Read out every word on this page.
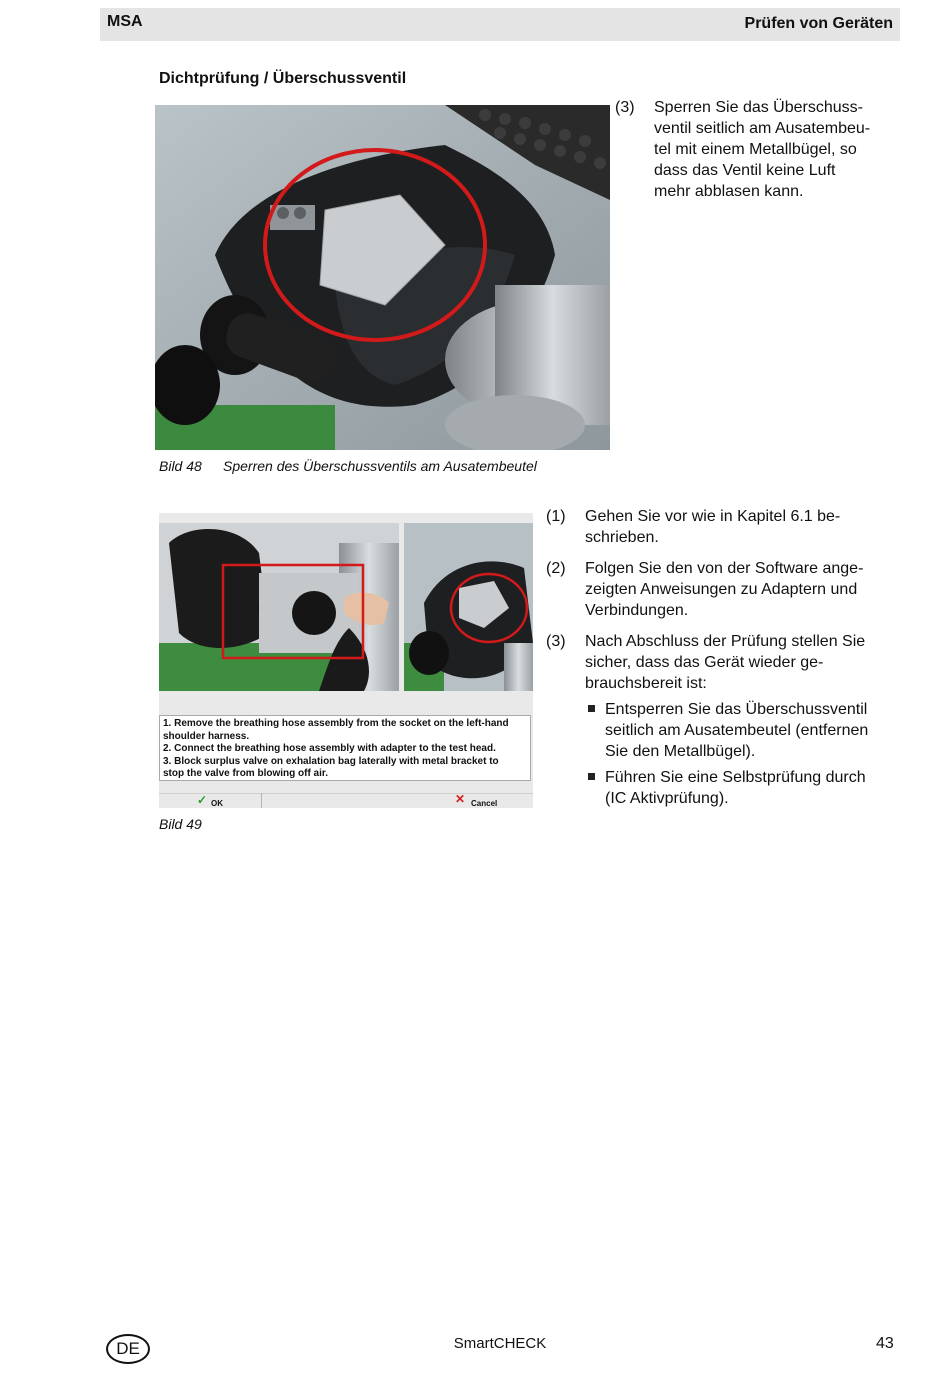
MSA	Prüfen von Geräten
Dichtprüfung / Überschussventil
Bild 48 Sperren des Überschussventils am Ausatembeutel
(3) Sperren Sie das Überschuss-
ventil seitlich am Ausatembeu-
tel mit einem Metallbügel, so
dass das Ventil keine Luft
mehr abblasen kann.
1. Remove the breathing hose assembly from the socket on the left-hand
shoulder harness.
2. Connect the breathing hose assembly with adapter to the test head.
3. Block surplus valve on exhalation bag laterally with metal bracket to
stop the valve from blowing off air.
✓ OK	✕ Cancel
Bild 49
(1) Gehen Sie vor wie in Kapitel 6.1 be-
schrieben.
(2) Folgen Sie den von der Software ange-
zeigten Anweisungen zu Adaptern und
Verbindungen.
(3) Nach Abschluss der Prüfung stellen Sie
sicher, dass das Gerät wieder ge-
brauchsbereit ist:
Entsperren Sie das Überschussventil
seitlich am Ausatembeutel (entfernen
Sie den Metallbügel).
Führen Sie eine Selbstprüfung durch
(IC Aktivprüfung).
DE	SmartCHECK	43
